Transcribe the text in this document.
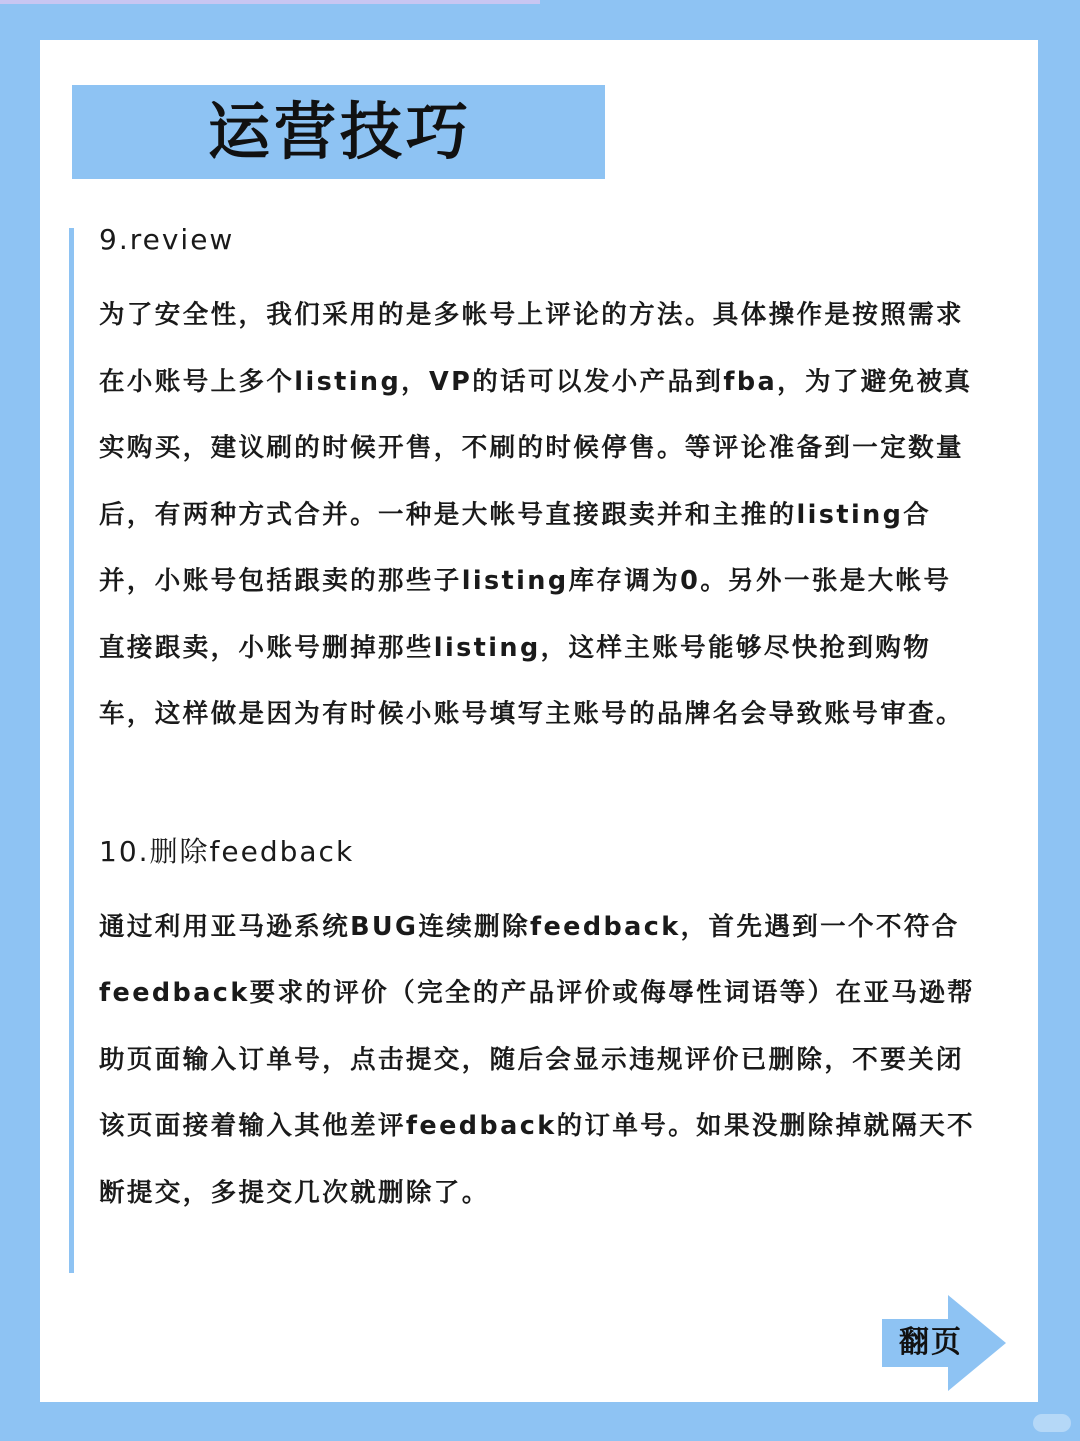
运营技巧
9.review
为了安全性，我们采用的是多帐号上评论的方法。具体操作是按照需求在小账号上多个listing，VP的话可以发小产品到fba，为了避免被真实购买，建议刷的时候开售，不刷的时候停售。等评论准备到一定数量后，有两种方式合并。一种是大帐号直接跟卖并和主推的listing合并，小账号包括跟卖的那些子listing库存调为0。另外一张是大帐号直接跟卖，小账号删掉那些listing，这样主账号能够尽快抢到购物车，这样做是因为有时候小账号填写主账号的品牌名会导致账号审查。
10.删除feedback
通过利用亚马逊系统BUG连续删除feedback，首先遇到一个不符合feedback要求的评价（完全的产品评价或侮辱性词语等）在亚马逊帮助页面输入订单号，点击提交，随后会显示违规评价已删除，不要关闭该页面接着输入其他差评feedback的订单号。如果没删除掉就隔天不断提交，多提交几次就删除了。
翻页
